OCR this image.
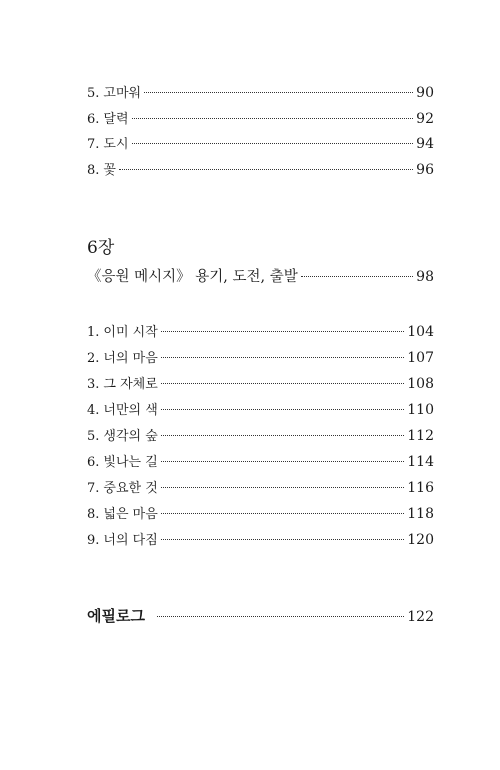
5. 고마워	90
6. 달력	92
7. 도시	94
8. 꽃	96
6장
《응원 메시지》 용기, 도전, 출발	98
1. 이미 시작	104
2. 너의 마음	107
3. 그 자체로	108
4. 너만의 색	110
5. 생각의 숲	112
6. 빛나는 길	114
7. 중요한 것	116
8. 넓은 마음	118
9. 너의 다짐	120
에필로그	122
